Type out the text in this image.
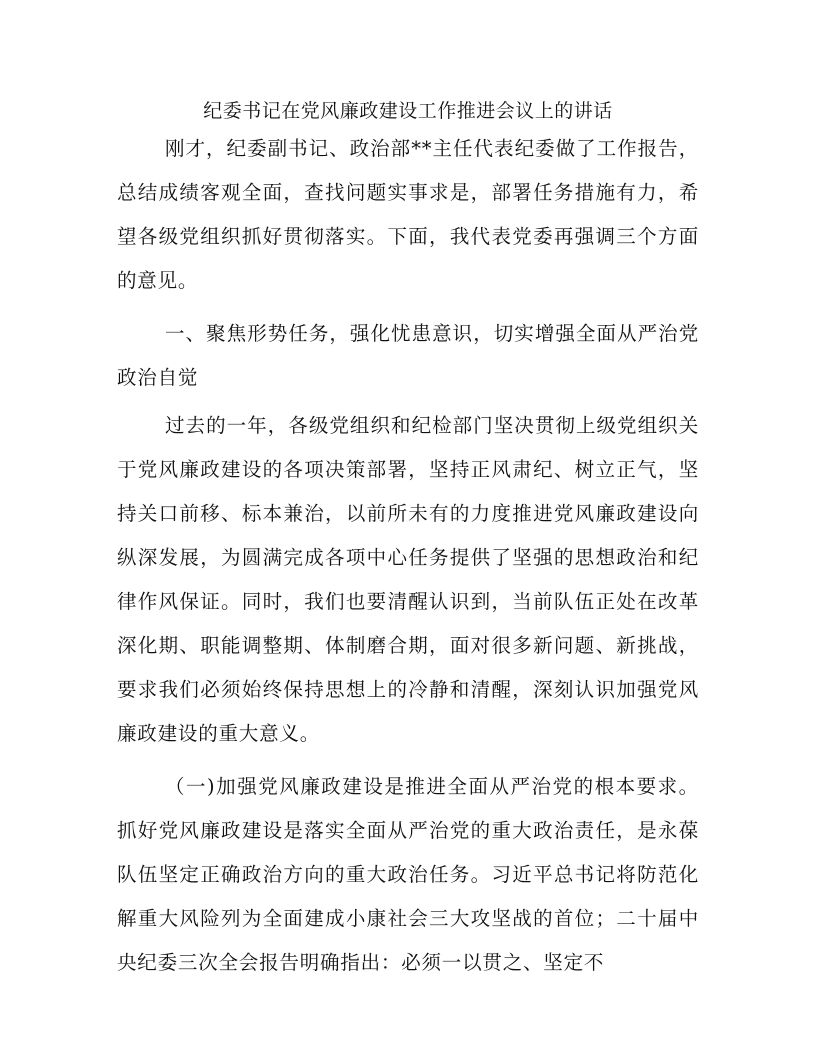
纪委书记在党风廉政建设工作推进会议上的讲话

刚才，纪委副书记、政治部**主任代表纪委做了工作报告，总结成绩客观全面，查找问题实事求是，部署任务措施有力，希望各级党组织抓好贯彻落实。下面，我代表党委再强调三个方面的意见。

一、聚焦形势任务，强化忧患意识，切实增强全面从严治党政治自觉

过去的一年，各级党组织和纪检部门坚决贯彻上级党组织关于党风廉政建设的各项决策部署，坚持正风肃纪、树立正气，坚持关口前移、标本兼治，以前所未有的力度推进党风廉政建设向纵深发展，为圆满完成各项中心任务提供了坚强的思想政治和纪律作风保证。同时，我们也要清醒认识到，当前队伍正处在改革深化期、职能调整期、体制磨合期，面对很多新问题、新挑战，要求我们必须始终保持思想上的冷静和清醒，深刻认识加强党风廉政建设的重大意义。

（一)加强党风廉政建设是推进全面从严治党的根本要求。抓好党风廉政建设是落实全面从严治党的重大政治责任，是永葆队伍坚定正确政治方向的重大政治任务。习近平总书记将防范化解重大风险列为全面建成小康社会三大攻坚战的首位；二十届中央纪委三次全会报告明确指出：必须一以贯之、坚定不
